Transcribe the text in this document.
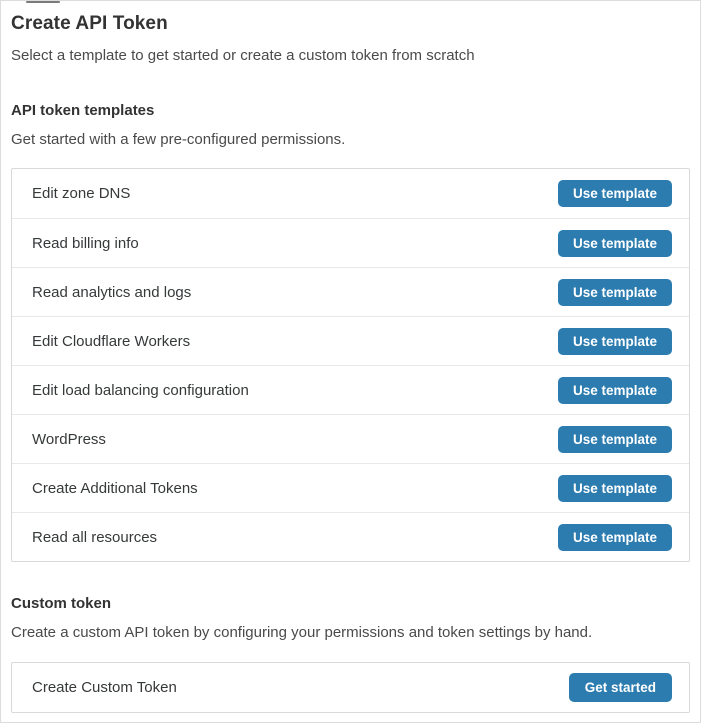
Create API Token

Select a template to get started or create a custom token from scratch

API token templates

Get started with a few pre-configured permissions.

Edit zone DNS	Use template
Read billing info	Use template
Read analytics and logs	Use template
Edit Cloudflare Workers	Use template
Edit load balancing configuration	Use template
WordPress	Use template
Create Additional Tokens	Use template
Read all resources	Use template
Custom token

Create a custom API token by configuring your permissions and token settings by hand.

Create Custom Token	Get started
